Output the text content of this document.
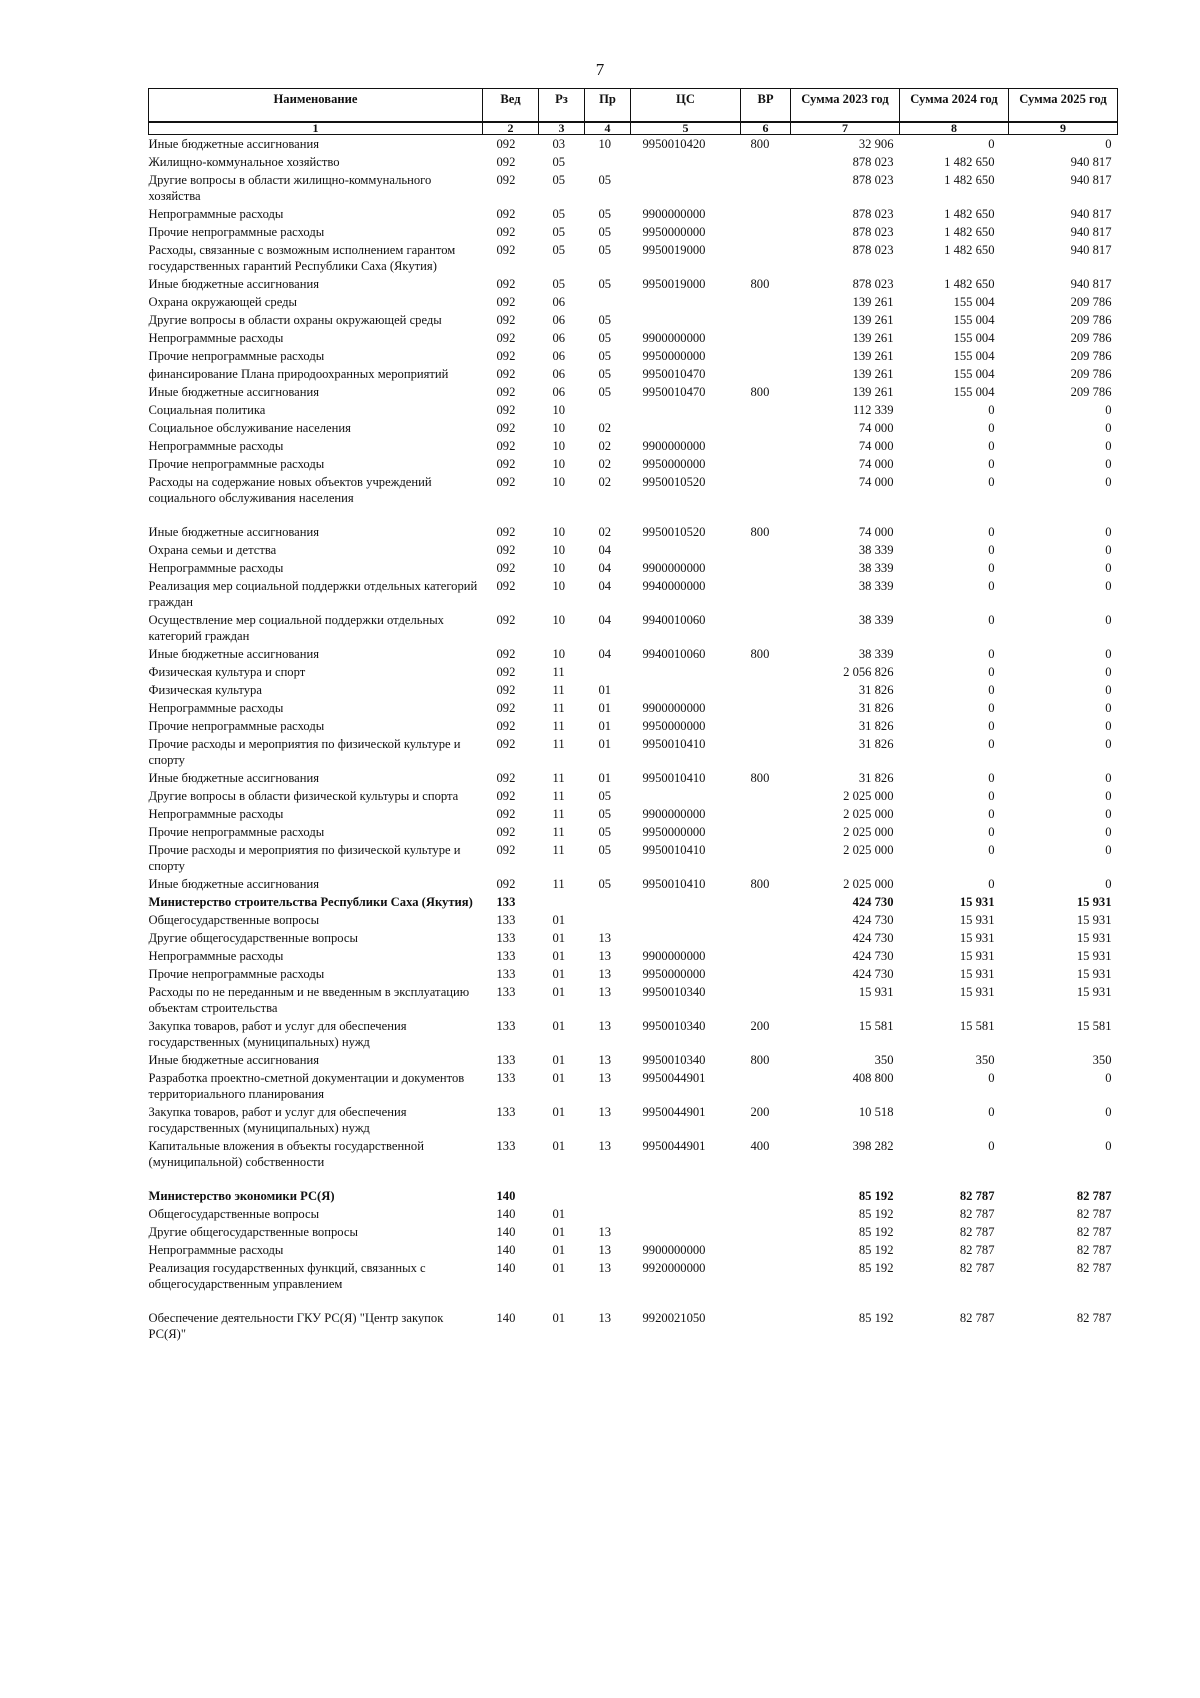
7
Наименование	Вед	Рз	Пр	ЦС	ВР	Сумма 2023 год	Сумма 2024 год	Сумма 2025 год
1	2	3	4	5	6	7	8	9
Иные бюджетные ассигнования	092	03	10	9950010420	800	32 906	0	0
Жилищно-коммунальное хозяйство	092	05				878 023	1 482 650	940 817
Другие вопросы в области жилищно-коммунального хозяйства	092	05	05			878 023	1 482 650	940 817
Непрограммные расходы	092	05	05	9900000000		878 023	1 482 650	940 817
Прочие непрограммные расходы	092	05	05	9950000000		878 023	1 482 650	940 817
Расходы, связанные с возможным исполнением гарантом государственных гарантий Республики Саха (Якутия)	092	05	05	9950019000		878 023	1 482 650	940 817
Иные бюджетные ассигнования	092	05	05	9950019000	800	878 023	1 482 650	940 817
Охрана окружающей среды	092	06				139 261	155 004	209 786
Другие вопросы в области охраны окружающей среды	092	06	05			139 261	155 004	209 786
Непрограммные расходы	092	06	05	9900000000		139 261	155 004	209 786
Прочие непрограммные расходы	092	06	05	9950000000		139 261	155 004	209 786
финансирование Плана природоохранных мероприятий	092	06	05	9950010470		139 261	155 004	209 786
Иные бюджетные ассигнования	092	06	05	9950010470	800	139 261	155 004	209 786
Социальная политика	092	10				112 339	0	0
Социальное обслуживание населения	092	10	02			74 000	0	0
Непрограммные расходы	092	10	02	9900000000		74 000	0	0
Прочие непрограммные расходы	092	10	02	9950000000		74 000	0	0
Расходы на содержание новых объектов учреждений социального обслуживания населения	092	10	02	9950010520		74 000	0	0

Иные бюджетные ассигнования	092	10	02	9950010520	800	74 000	0	0
Охрана семьи и детства	092	10	04			38 339	0	0
Непрограммные расходы	092	10	04	9900000000		38 339	0	0
Реализация мер социальной поддержки отдельных категорий граждан	092	10	04	9940000000		38 339	0	0
Осуществление мер социальной поддержки отдельных категорий граждан	092	10	04	9940010060		38 339	0	0
Иные бюджетные ассигнования	092	10	04	9940010060	800	38 339	0	0
Физическая культура и спорт	092	11				2 056 826	0	0
Физическая культура	092	11	01			31 826	0	0
Непрограммные расходы	092	11	01	9900000000		31 826	0	0
Прочие непрограммные расходы	092	11	01	9950000000		31 826	0	0
Прочие расходы и мероприятия по физической культуре и спорту	092	11	01	9950010410		31 826	0	0
Иные бюджетные ассигнования	092	11	01	9950010410	800	31 826	0	0
Другие вопросы в области физической культуры и спорта	092	11	05			2 025 000	0	0
Непрограммные расходы	092	11	05	9900000000		2 025 000	0	0
Прочие непрограммные расходы	092	11	05	9950000000		2 025 000	0	0
Прочие расходы и мероприятия по физической культуре и спорту	092	11	05	9950010410		2 025 000	0	0
Иные бюджетные ассигнования	092	11	05	9950010410	800	2 025 000	0	0
Министерство строительства Республики Саха (Якутия)	133					424 730	15 931	15 931
Общегосударственные вопросы	133	01				424 730	15 931	15 931
Другие общегосударственные вопросы	133	01	13			424 730	15 931	15 931
Непрограммные расходы	133	01	13	9900000000		424 730	15 931	15 931
Прочие непрограммные расходы	133	01	13	9950000000		424 730	15 931	15 931
Расходы по не переданным и не введенным в эксплуатацию объектам строительства	133	01	13	9950010340		15 931	15 931	15 931
Закупка товаров, работ и услуг для обеспечения государственных (муниципальных) нужд	133	01	13	9950010340	200	15 581	15 581	15 581
Иные бюджетные ассигнования	133	01	13	9950010340	800	350	350	350
Разработка проектно-сметной документации и документов территориального планирования	133	01	13	9950044901		408 800	0	0
Закупка товаров, работ и услуг для обеспечения государственных (муниципальных) нужд	133	01	13	9950044901	200	10 518	0	0
Капитальные вложения в объекты государственной (муниципальной) собственности	133	01	13	9950044901	400	398 282	0	0

Министерство экономики РС(Я)	140					85 192	82 787	82 787
Общегосударственные вопросы	140	01				85 192	82 787	82 787
Другие общегосударственные вопросы	140	01	13			85 192	82 787	82 787
Непрограммные расходы	140	01	13	9900000000		85 192	82 787	82 787
Реализация государственных функций, связанных с общегосударственным управлением	140	01	13	9920000000		85 192	82 787	82 787

Обеспечение деятельности ГКУ РС(Я) "Центр закупок РС(Я)"	140	01	13	9920021050		85 192	82 787	82 787
